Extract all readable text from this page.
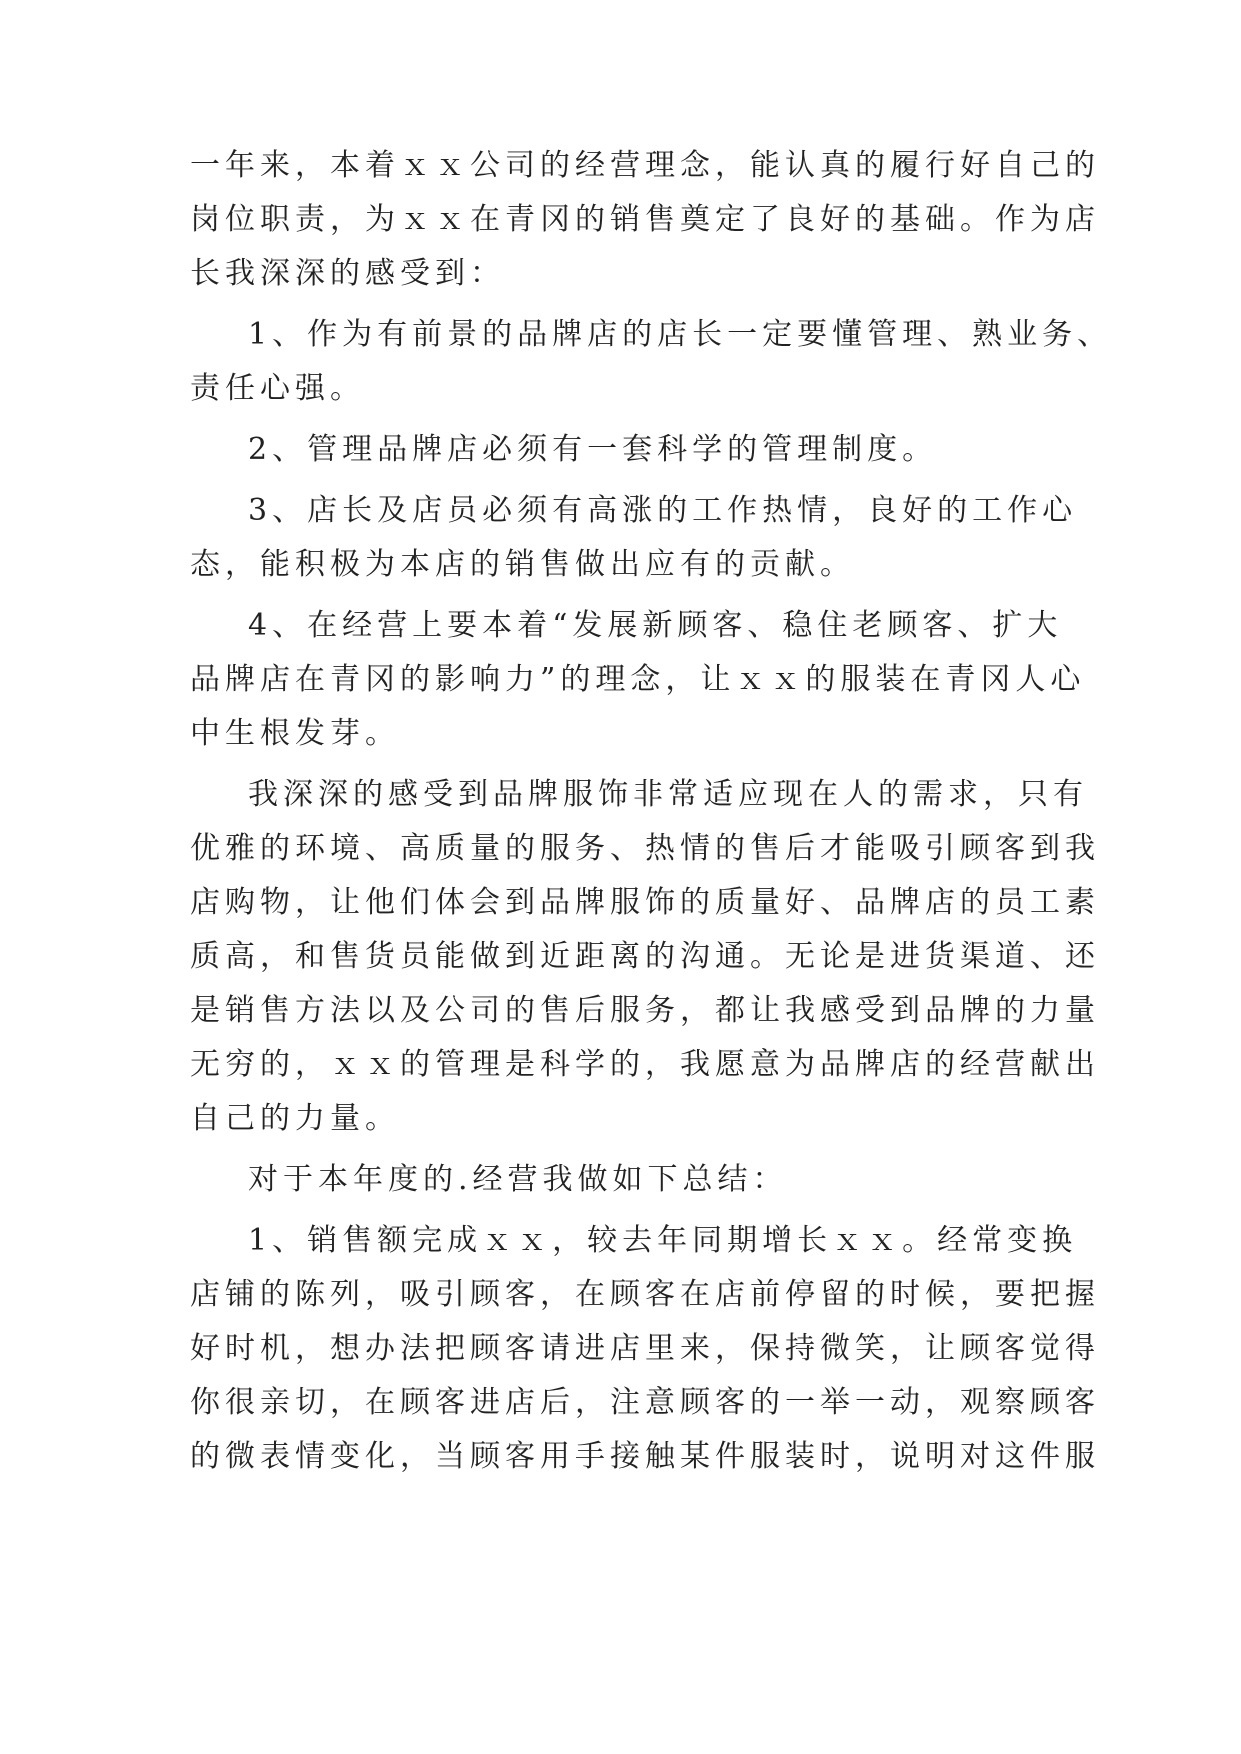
一年来，本着ｘｘ公司的经营理念，能认真的履行好自己的

岗位职责，为ｘｘ在青冈的销售奠定了良好的基础。作为店

长我深深的感受到：

1、作为有前景的品牌店的店长一定要懂管理、熟业务、

责任心强。

2、管理品牌店必须有一套科学的管理制度。

3、店长及店员必须有高涨的工作热情，良好的工作心

态，能积极为本店的销售做出应有的贡献。

4、在经营上要本着“发展新顾客、稳住老顾客、扩大

品牌店在青冈的影响力”的理念，让ｘｘ的服装在青冈人心

中生根发芽。

我深深的感受到品牌服饰非常适应现在人的需求，只有

优雅的环境、高质量的服务、热情的售后才能吸引顾客到我

店购物，让他们体会到品牌服饰的质量好、品牌店的员工素

质高，和售货员能做到近距离的沟通。无论是进货渠道、还

是销售方法以及公司的售后服务，都让我感受到品牌的力量

无穷的，ｘｘ的管理是科学的，我愿意为品牌店的经营献出

自己的力量。

对于本年度的.经营我做如下总结：

1、销售额完成ｘｘ，较去年同期增长ｘｘ。经常变换

店铺的陈列，吸引顾客，在顾客在店前停留的时候，要把握

好时机，想办法把顾客请进店里来，保持微笑，让顾客觉得

你很亲切，在顾客进店后，注意顾客的一举一动，观察顾客

的微表情变化，当顾客用手接触某件服装时，说明对这件服
